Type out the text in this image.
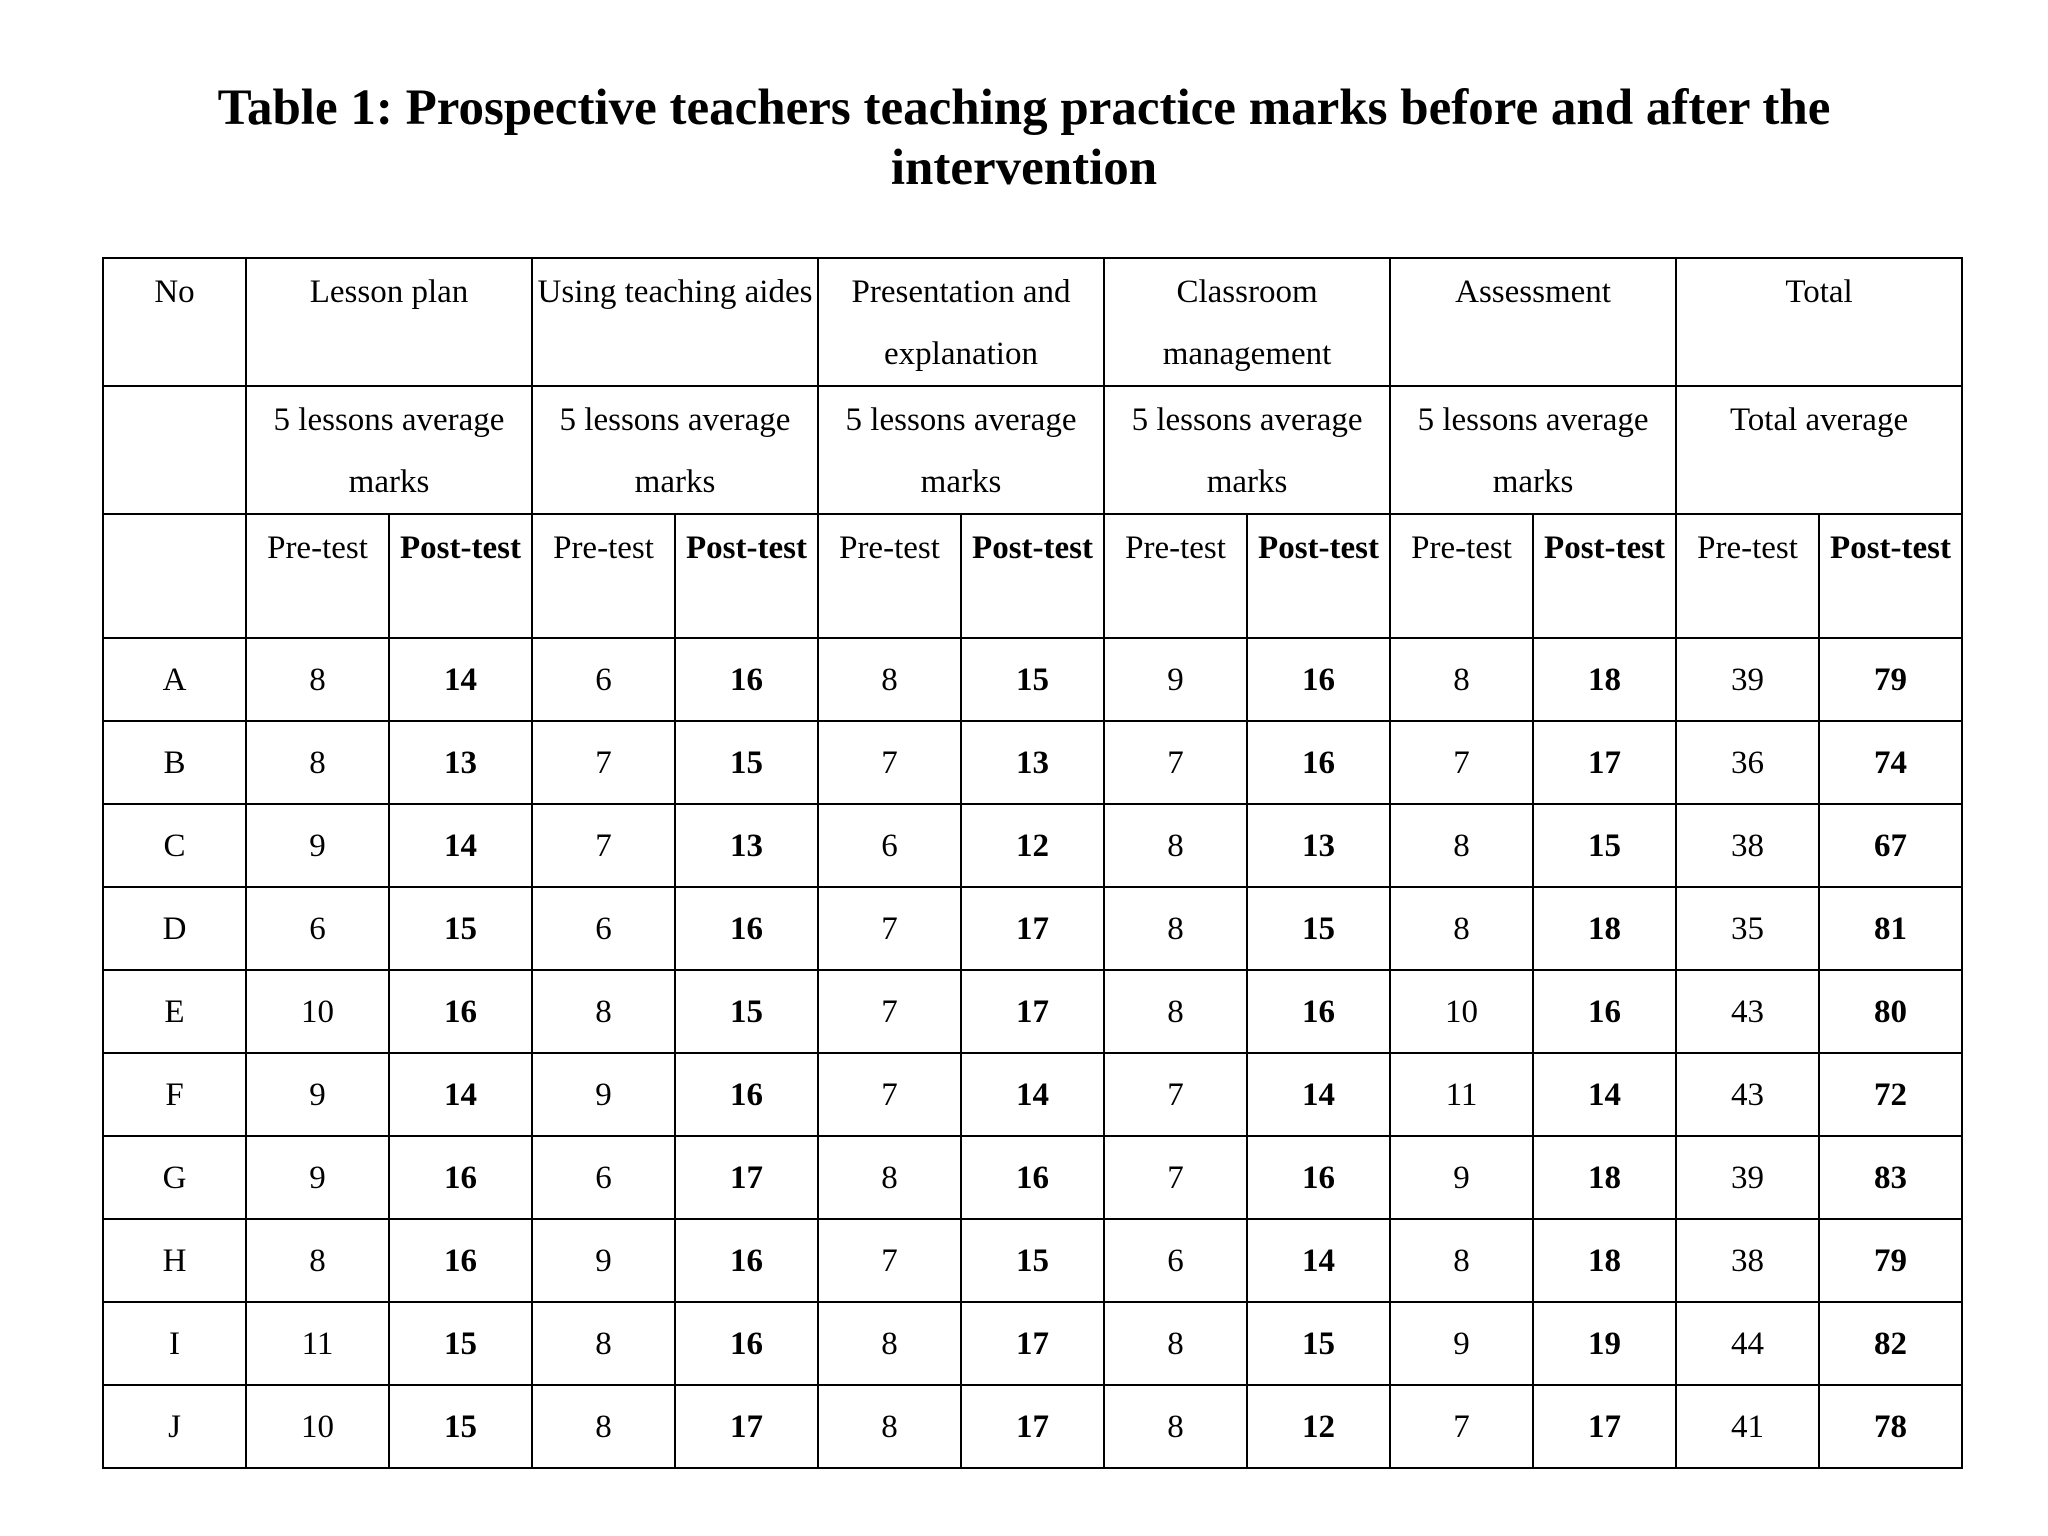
Table 1: Prospective teachers teaching practice marks before and after the
intervention
No	Lesson plan		Using teaching aides		Presentation and explanation		Classroom management		Assessment		Total	
	5 lessons average marks		5 lessons average marks		5 lessons average marks		5 lessons average marks		5 lessons average marks		Total average	
	Pre-test	Post-test	Pre-test	Post-test	Pre-test	Post-test	Pre-test	Post-test	Pre-test	Post-test	Pre-test	Post-test
A	8	14	6	16	8	15	9	16	8	18	39	79
B	8	13	7	15	7	13	7	16	7	17	36	74
C	9	14	7	13	6	12	8	13	8	15	38	67
D	6	15	6	16	7	17	8	15	8	18	35	81
E	10	16	8	15	7	17	8	16	10	16	43	80
F	9	14	9	16	7	14	7	14	11	14	43	72
G	9	16	6	17	8	16	7	16	9	18	39	83
H	8	16	9	16	7	15	6	14	8	18	38	79
I	11	15	8	16	8	17	8	15	9	19	44	82
J	10	15	8	17	8	17	8	12	7	17	41	78
